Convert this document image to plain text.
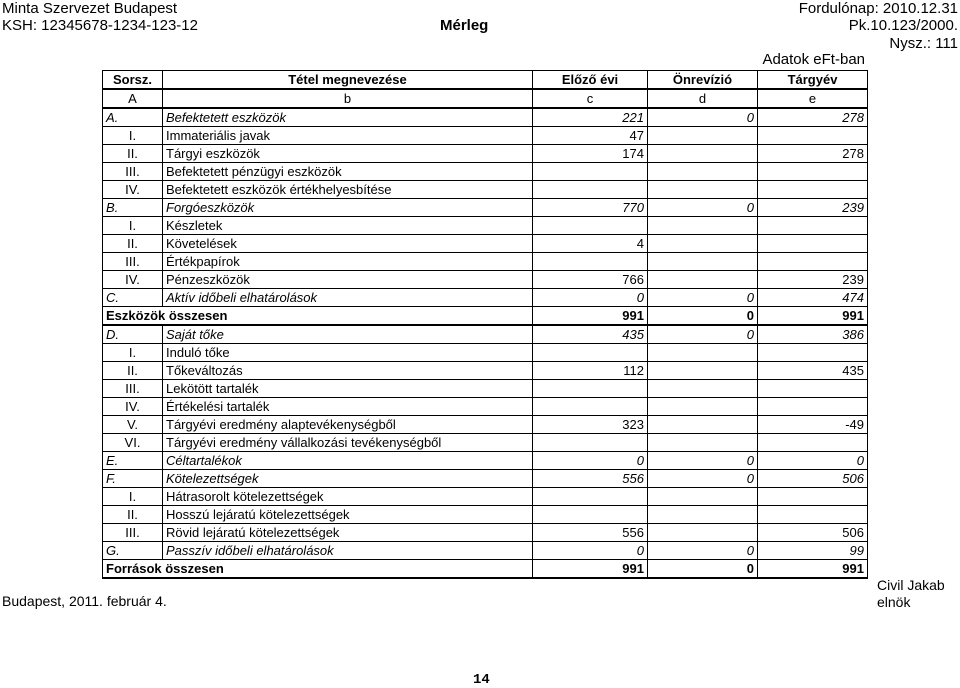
Minta Szervezet Budapest
KSH: 12345678-1234-123-12	Mérleg
Fordulónap: 2010.12.31
Pk.10.123/2000.
Nysz.: 111
Adatok eFt-ban
Sorsz.	Tétel megnevezése	Előző évi	Önrevízió	Tárgyév
A	b	c	d	e
A.	Befektetett eszközök	221	0	278
I.	Immateriális javak	47		
II.	Tárgyi eszközök	174		278
III.	Befektetett pénzügyi eszközök			
IV.	Befektetett eszközök értékhelyesbítése			
B.	Forgóeszközök	770	0	239
I.	Készletek			
II.	Követelések	4		
III.	Értékpapírok			
IV.	Pénzeszközök	766		239
C.	Aktív időbeli elhatárolások	0	0	474
Eszközök összesen		991	0	991
D.	Saját tőke	435	0	386
I.	Induló tőke			
II.	Tőkeváltozás	112		435
III.	Lekötött tartalék			
IV.	Értékelési tartalék			
V.	Tárgyévi eredmény alaptevékenységből	323		-49
VI.	Tárgyévi eredmény vállalkozási tevékenységből			
E.	Céltartalékok	0	0	0
F.	Kötelezettségek	556	0	506
I.	Hátrasorolt kötelezettségek			
II.	Hosszú lejáratú kötelezettségek			
III.	Rövid lejáratú kötelezettségek	556		506
G.	Passzív időbeli elhatárolások	0	0	99
Források összesen		991	0	991
Budapest, 2011. február 4.
Civil Jakab
elnök
14
